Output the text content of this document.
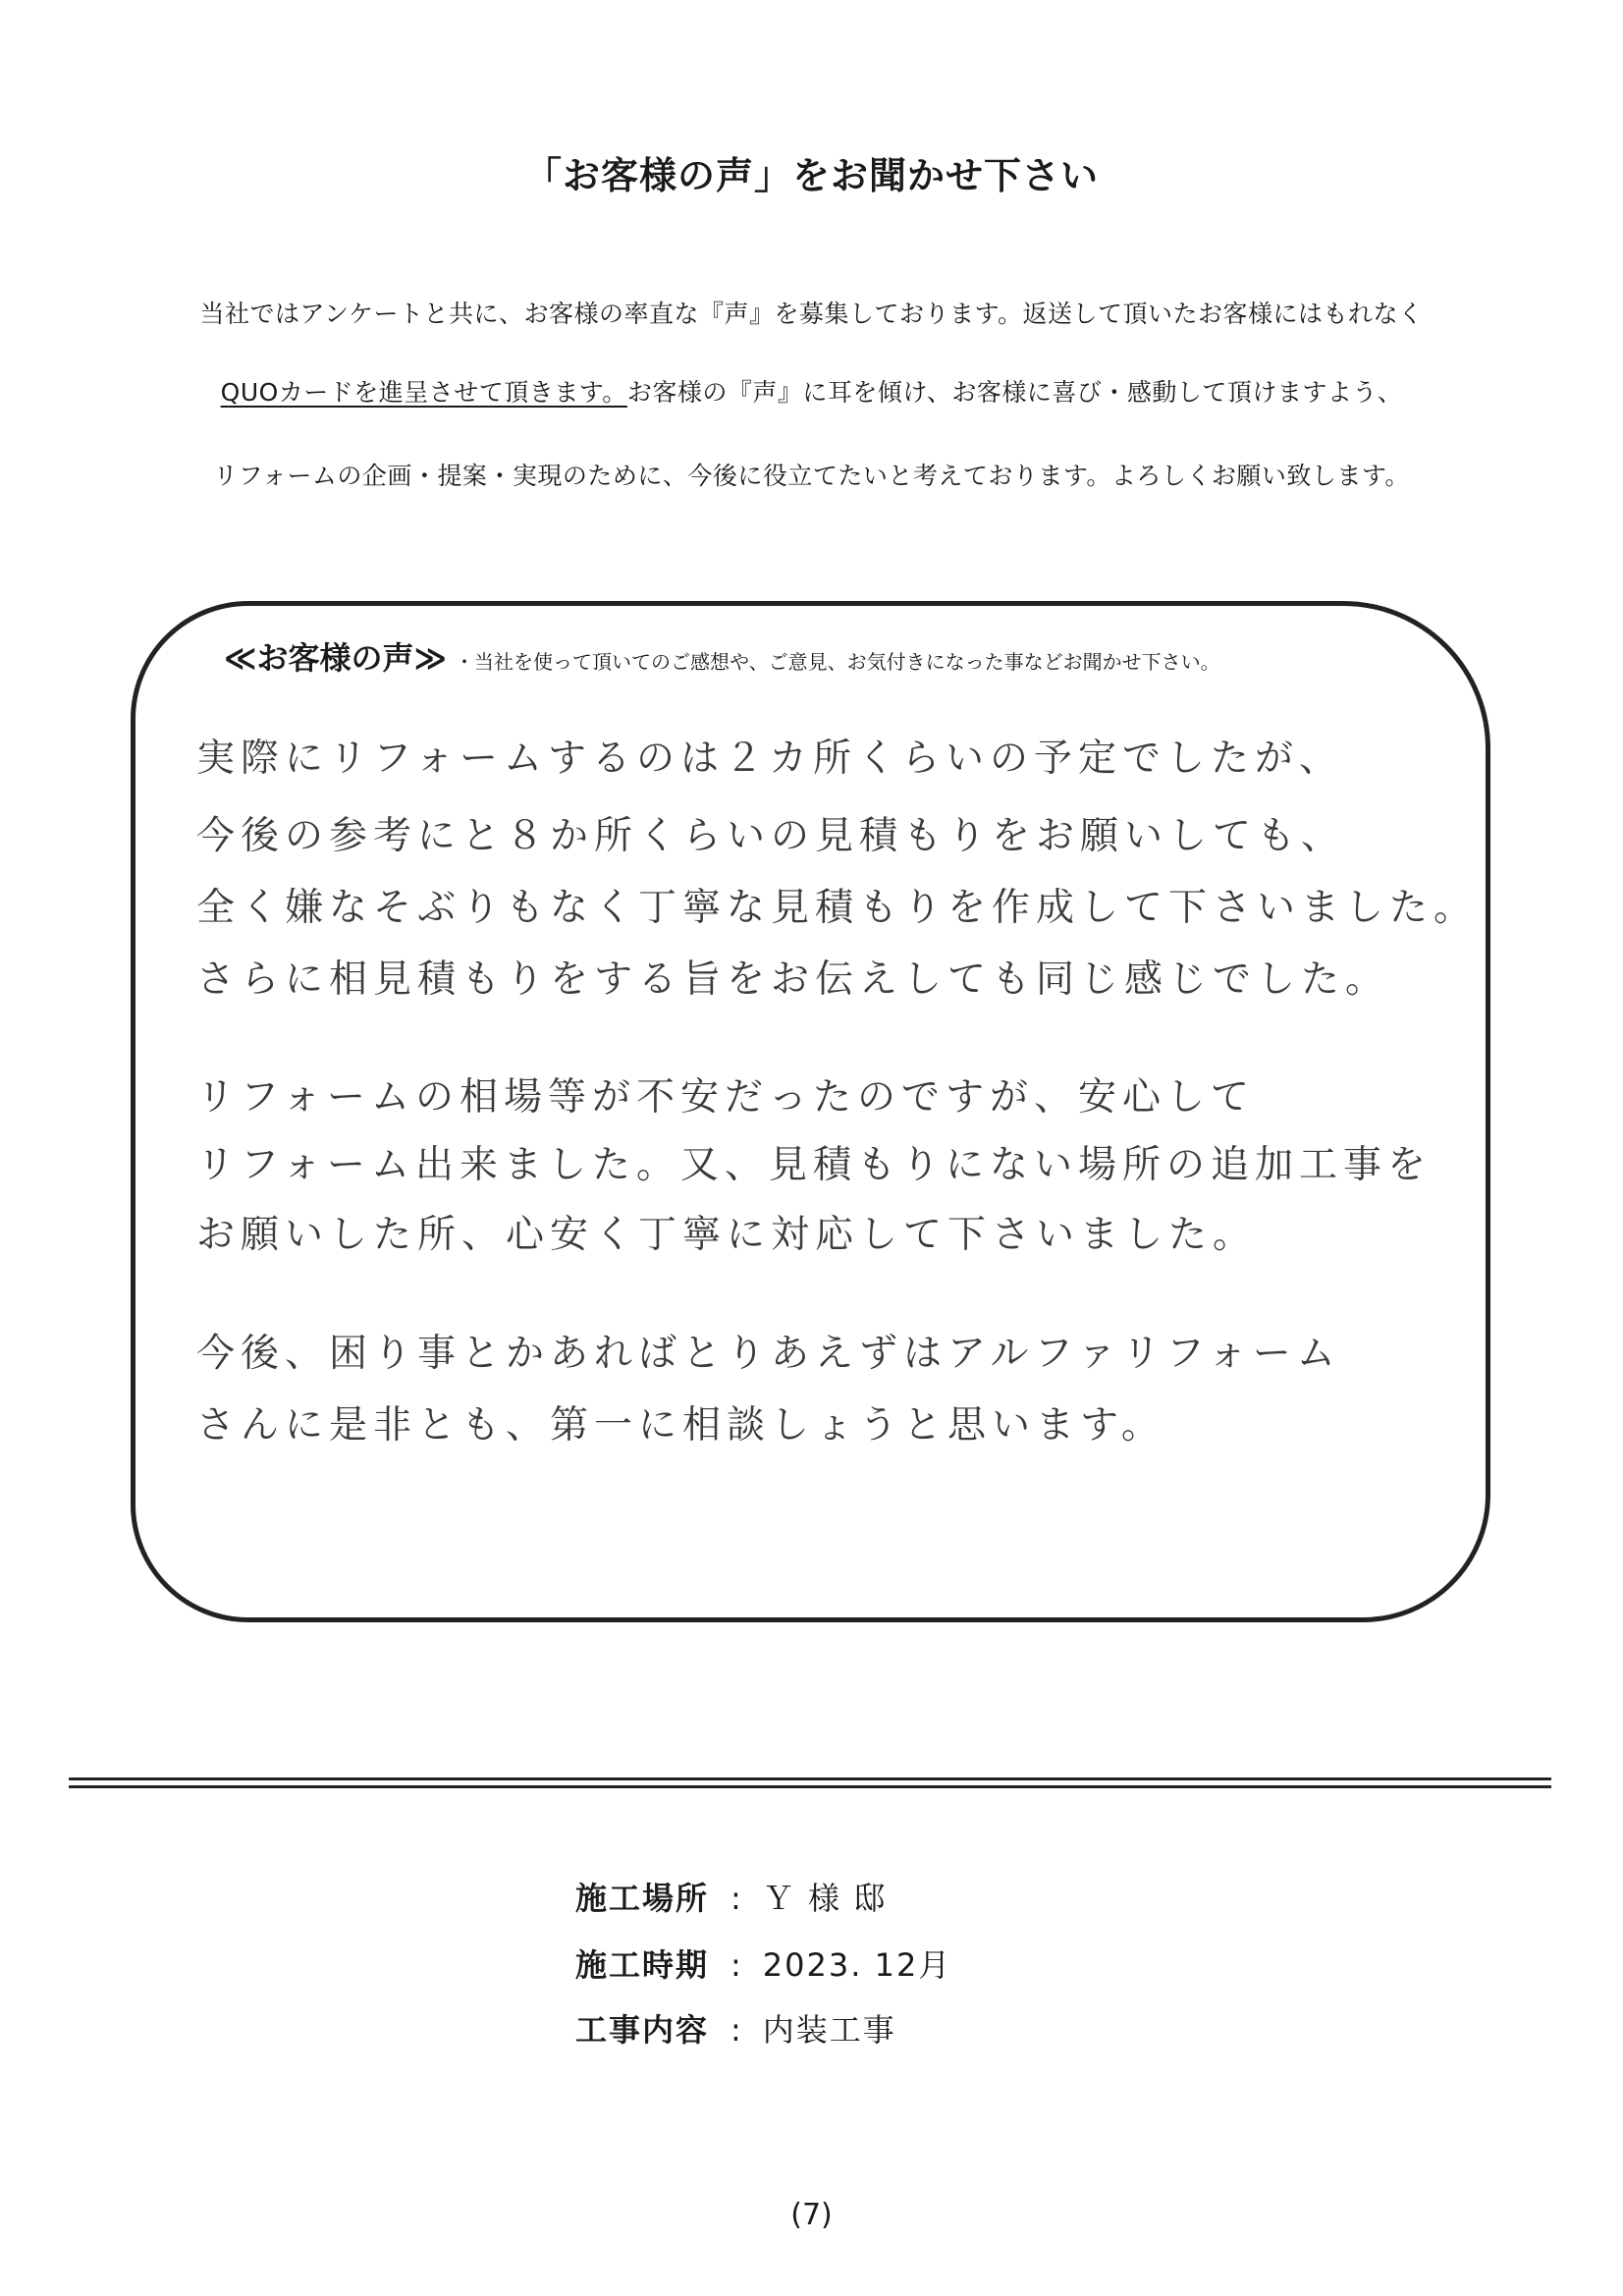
「お客様の声」をお聞かせ下さい
当社ではアンケートと共に、お客様の率直な『声』を募集しております。返送して頂いたお客様にはもれなく
QUOカードを進呈させて頂きます。お客様の『声』に耳を傾け、お客様に喜び・感動して頂けますよう、
リフォームの企画・提案・実現のために、今後に役立てたいと考えております。よろしくお願い致します。
≪お客様の声≫ ・当社を使って頂いてのご感想や、ご意見、お気付きになった事などお聞かせ下さい。
実際にリフォームするのは２カ所くらいの予定でしたが、
今後の参考にと８か所くらいの見積もりをお願いしても、
全く嫌なそぶりもなく丁寧な見積もりを作成して下さいました。
さらに相見積もりをする旨をお伝えしても同じ感じでした。
リフォームの相場等が不安だったのですが、安心して
リフォーム出来ました。又、見積もりにない場所の追加工事を
お願いした所、心安く丁寧に対応して下さいました。
今後、困り事とかあればとりあえずはアルファリフォーム
さんに是非とも、第一に相談しょうと思います。
施工場所 : Ｙ 様 邸
施工時期 : 2023. 12月
工事内容 : 内装工事
(7)
